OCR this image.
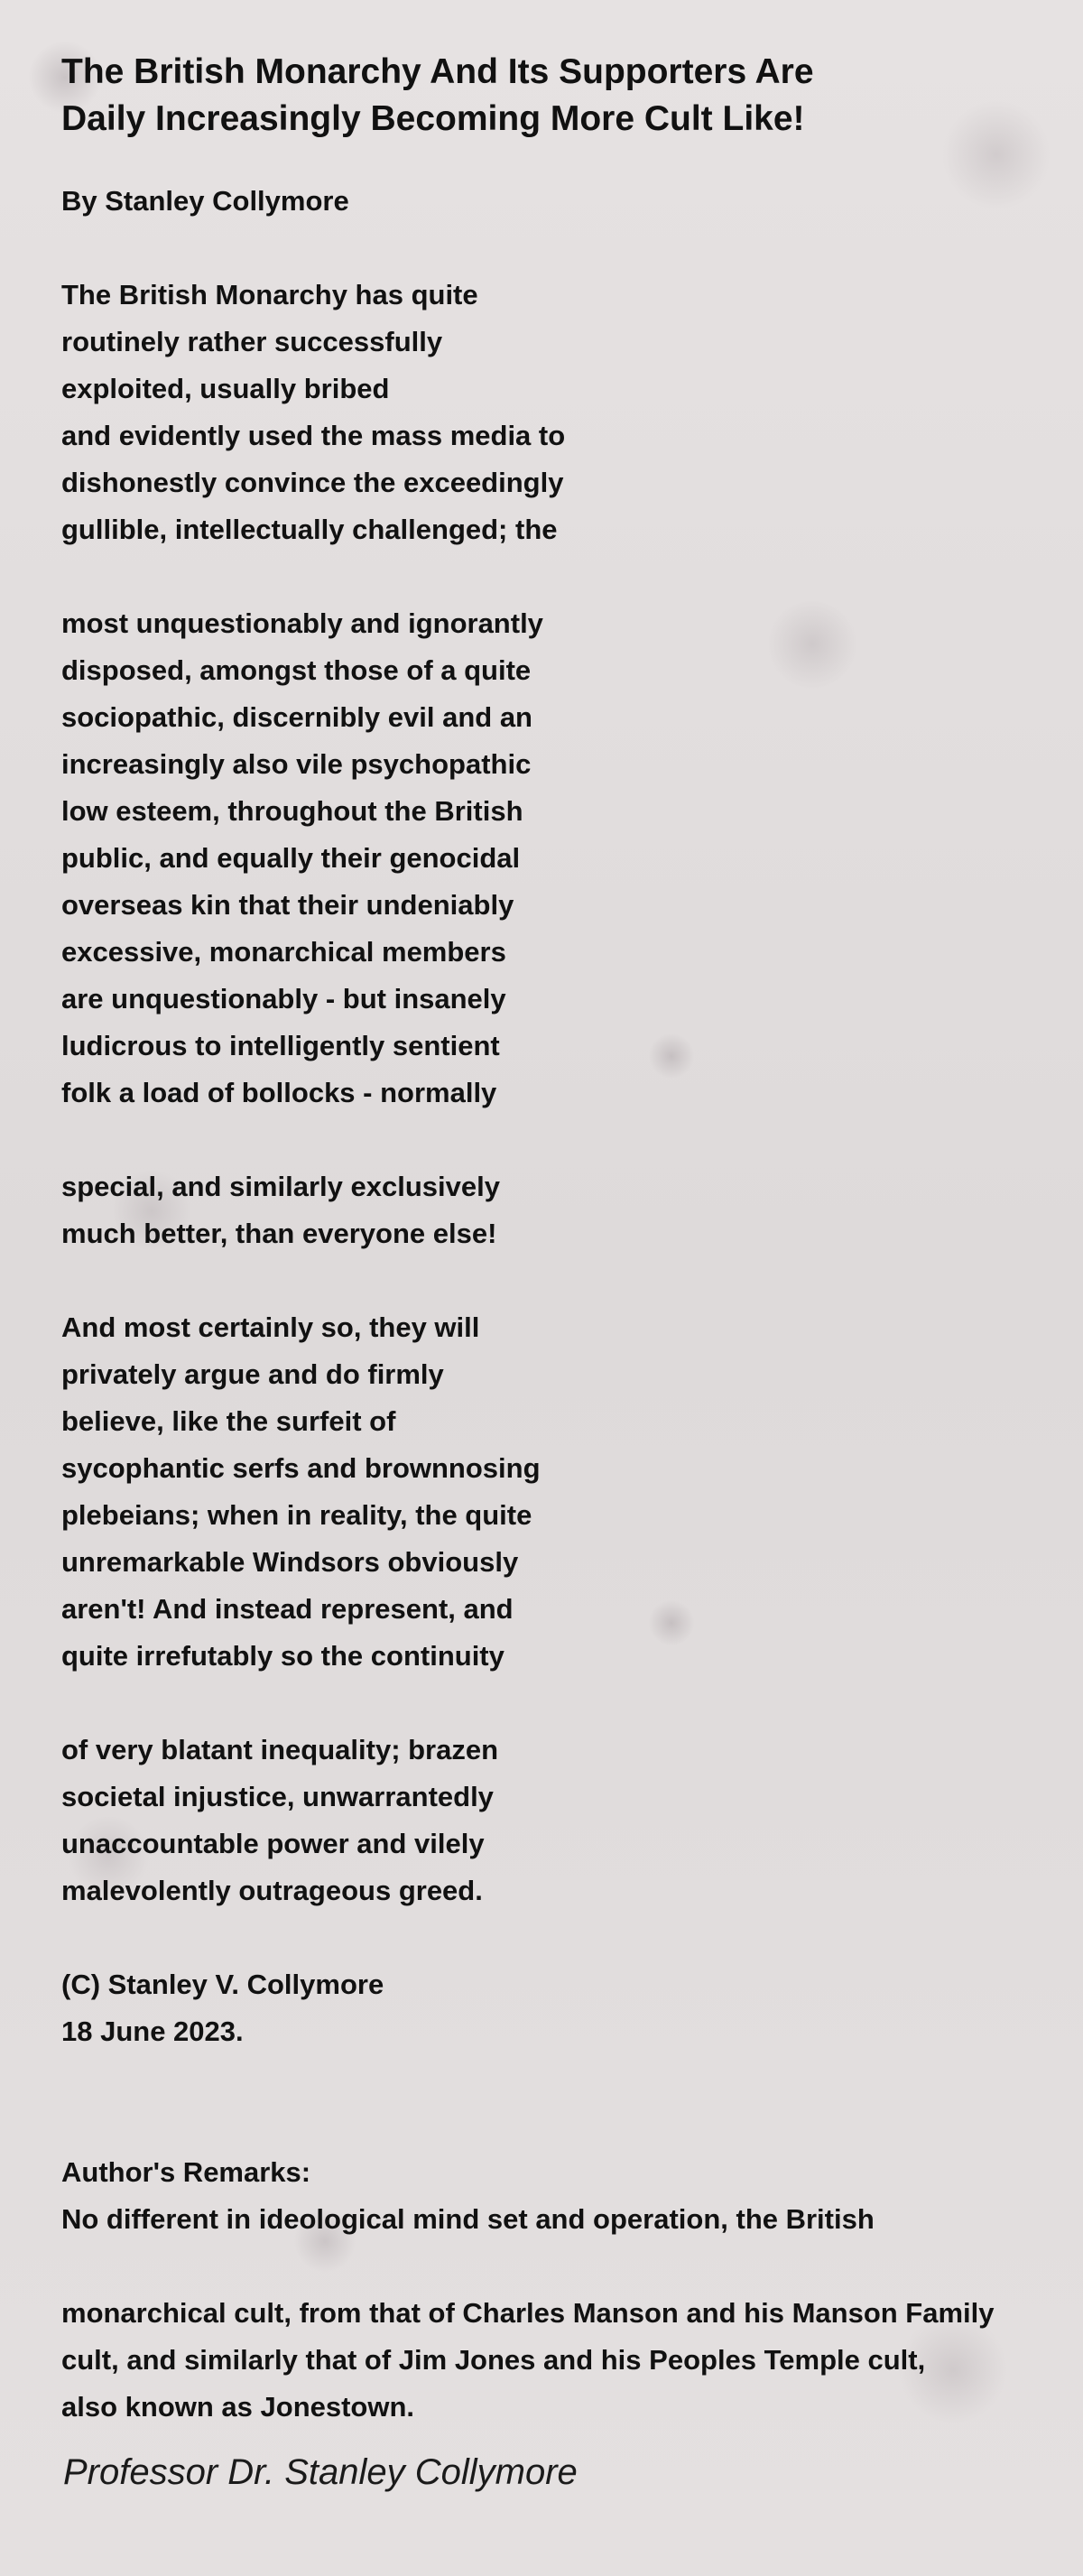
The British Monarchy And Its Supporters Are
Daily Increasingly Becoming More Cult Like!
By Stanley Collymore
The British Monarchy has quite
routinely rather successfully
exploited, usually bribed
and evidently used the mass media to
dishonestly convince the exceedingly
gullible, intellectually challenged; the
most unquestionably and ignorantly
disposed, amongst those of a quite
sociopathic, discernibly evil and an
increasingly also vile psychopathic
low esteem, throughout the British
public, and equally their genocidal
overseas kin that their undeniably
excessive, monarchical members
are unquestionably - but insanely
ludicrous to intelligently sentient
folk a load of bollocks - normally
special, and similarly exclusively
much better, than everyone else!
And most certainly so, they will
privately argue and do firmly
believe, like the surfeit of
sycophantic serfs and brownnosing
plebeians; when in reality, the quite
unremarkable Windsors obviously
aren't! And instead represent, and
quite irrefutably so the continuity
of very blatant inequality; brazen
societal injustice, unwarrantedly
unaccountable power and vilely
malevolently outrageous greed.
(C) Stanley V. Collymore
18 June 2023.
Author's Remarks:
No different in ideological mind set and operation, the British
monarchical cult, from that of Charles Manson and his Manson Family
cult, and similarly that of Jim Jones and his Peoples Temple cult,
also known as Jonestown.
Professor Dr. Stanley Collymore
